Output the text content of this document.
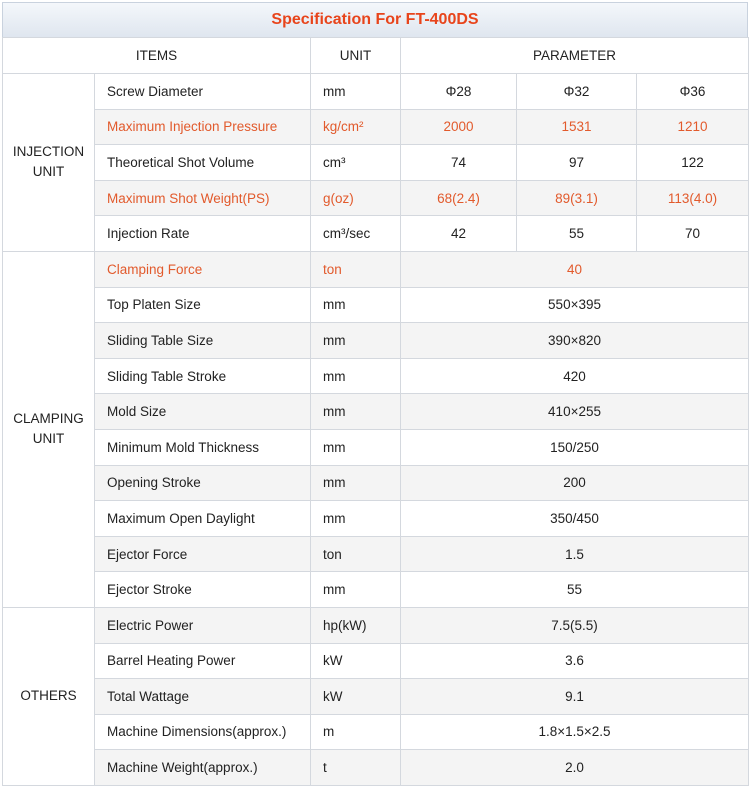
Specification For FT-400DS
ITEMS		UNIT	PARAMETER		

INJECTION
UNIT	Screw Diameter	mm	Φ28	Φ32	Φ36
	Maximum Injection Pressure	kg/cm²	2000	1531	1210
	Theoretical Shot Volume	cm³	74	97	122
	Maximum Shot Weight(PS)	g(oz)	68(2.4)	89(3.1)	113(4.0)
	Injection Rate	cm³/sec	42	55	70

CLAMPING
UNIT	Clamping Force	ton	40		
	Top Platen Size	mm	550×395		
	Sliding Table Size	mm	390×820		
	Sliding Table Stroke	mm	420		
	Mold Size	mm	410×255		
	Minimum Mold Thickness	mm	150/250		
	Opening Stroke	mm	200		
	Maximum Open Daylight	mm	350/450		
	Ejector Force	ton	1.5		
	Ejector Stroke	mm	55		

OTHERS	Electric Power	hp(kW)	7.5(5.5)		
	Barrel Heating Power	kW	3.6		
	Total Wattage	kW	9.1		
	Machine Dimensions(approx.)	m	1.8×1.5×2.5		
	Machine Weight(approx.)	t	2.0		
